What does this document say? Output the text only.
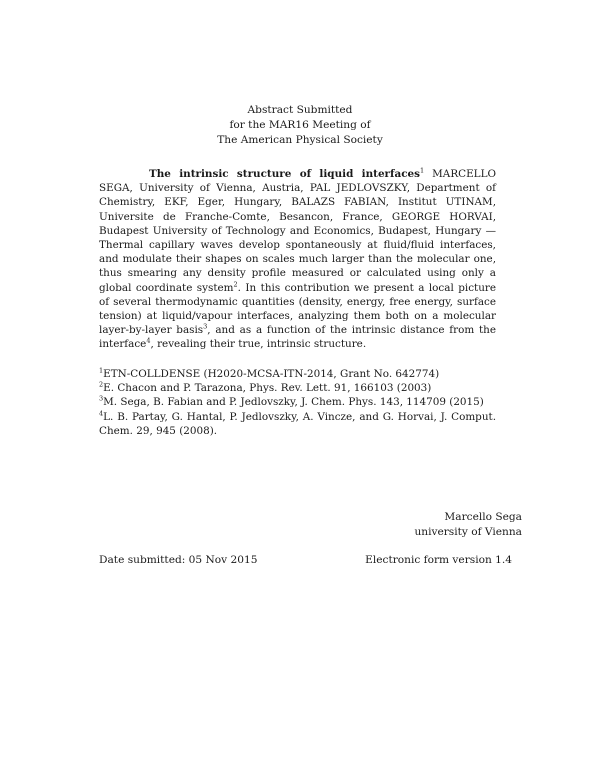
Abstract Submitted
for the MAR16 Meeting of
The American Physical Society
The intrinsic structure of liquid interfaces$^1$ MARCELLO SEGA, University of Vienna, Austria, PAL JEDLOVSZKY, Department of Chemistry, EKF, Eger, Hungary, BALAZS FABIAN, Institut UTINAM, Universite de Franche-Comte, Besancon, France, GEORGE HORVAI, Budapest University of Technology and Economics, Budapest, Hungary — Thermal capillary waves develop spontaneously at fluid/fluid interfaces, and modulate their shapes on scales much larger than the molecular one, thus smearing any density profile measured or calculated using only a global coordinate system$^2$. In this contribution we present a local picture of several thermodynamic quantities (density, energy, free energy, surface tension) at liquid/vapour interfaces, analyzing them both on a molecular layer-by-layer basis$^3$, and as a function of the intrinsic distance from the interface$^4$, revealing their true, intrinsic structure.

$^1$ETN-COLLDENSE (H2020-MCSA-ITN-2014, Grant No. 642774)

$^2$E. Chacon and P. Tarazona, Phys. Rev. Lett. 91, 166103 (2003)

$^3$M. Sega, B. Fabian and P. Jedlovszky, J. Chem. Phys. 143, 114709 (2015)

$^4$L. B. Partay, G. Hantal, P. Jedlovszky, A. Vincze, and G. Horvai, J. Comput. Chem. 29, 945 (2008).

Marcello Sega
university of Vienna
Date submitted: 05 Nov 2015	Electronic form version 1.4
